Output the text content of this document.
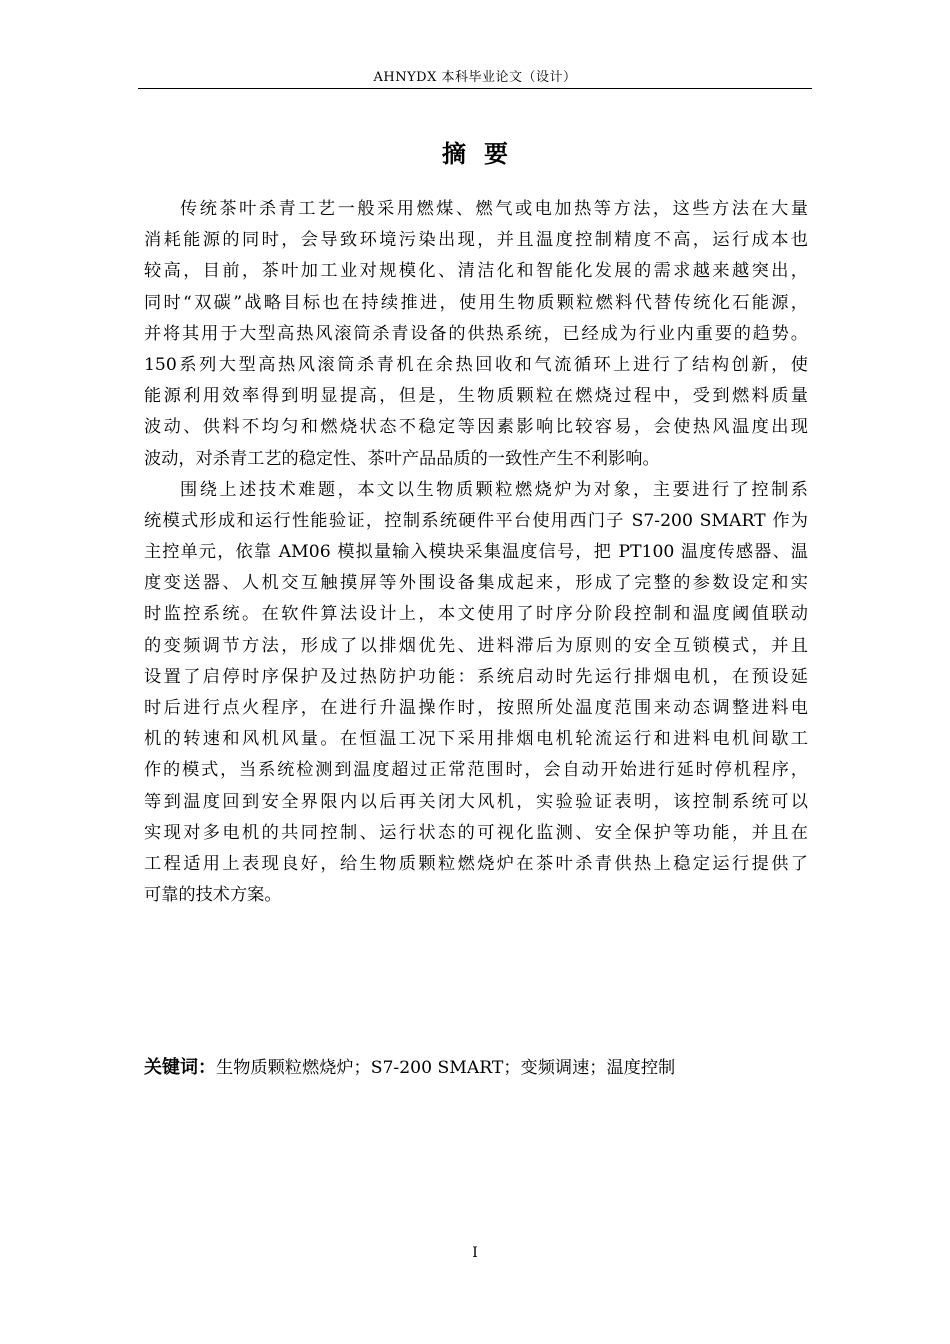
AHNYDX 本科毕业论文（设计）
摘要

传统茶叶杀青工艺一般采用燃煤、燃气或电加热等方法，这些方法在大量

消耗能源的同时，会导致环境污染出现，并且温度控制精度不高，运行成本也

较高，目前，茶叶加工业对规模化、清洁化和智能化发展的需求越来越突出，

同时“双碳”战略目标也在持续推进，使用生物质颗粒燃料代替传统化石能源，

并将其用于大型高热风滚筒杀青设备的供热系统，已经成为行业内重要的趋势。

150系列大型高热风滚筒杀青机在余热回收和气流循环上进行了结构创新，使

能源利用效率得到明显提高，但是，生物质颗粒在燃烧过程中，受到燃料质量

波动、供料不均匀和燃烧状态不稳定等因素影响比较容易，会使热风温度出现

波动，对杀青工艺的稳定性、茶叶产品品质的一致性产生不利影响。

围绕上述技术难题，本文以生物质颗粒燃烧炉为对象，主要进行了控制系

统模式形成和运行性能验证，控制系统硬件平台使用西门子 S7-200 SMART 作为

主控单元，依靠 AM06 模拟量输入模块采集温度信号，把 PT100 温度传感器、温

度变送器、人机交互触摸屏等外围设备集成起来，形成了完整的参数设定和实

时监控系统。在软件算法设计上，本文使用了时序分阶段控制和温度阈值联动

的变频调节方法，形成了以排烟优先、进料滞后为原则的安全互锁模式，并且

设置了启停时序保护及过热防护功能：系统启动时先运行排烟电机，在预设延

时后进行点火程序，在进行升温操作时，按照所处温度范围来动态调整进料电

机的转速和风机风量。在恒温工况下采用排烟电机轮流运行和进料电机间歇工

作的模式，当系统检测到温度超过正常范围时，会自动开始进行延时停机程序，

等到温度回到安全界限内以后再关闭大风机，实验验证表明，该控制系统可以

实现对多电机的共同控制、运行状态的可视化监测、安全保护等功能，并且在

工程适用上表现良好，给生物质颗粒燃烧炉在茶叶杀青供热上稳定运行提供了

可靠的技术方案。

关键词：生物质颗粒燃烧炉；S7-200 SMART；变频调速；温度控制
I
